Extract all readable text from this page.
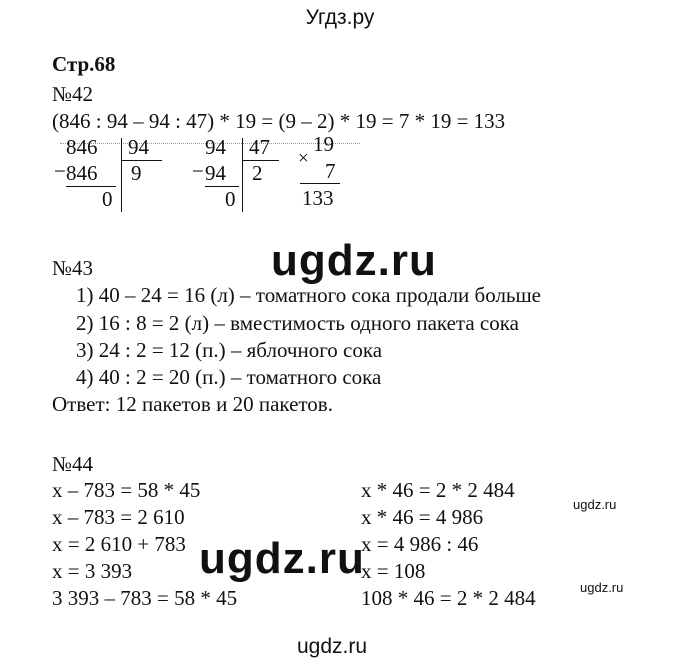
Угдз.ру
Стр.68
№42
(846 : 94 – 94 : 47) * 19 = (9 – 2) * 19 = 7 * 19 = 133
846 94
− 846 9
0
94 47
− 94 2
0
19
×
7
133
ugdz.ru
№43
1) 40 – 24 = 16 (л) – томатного сока продали больше
2) 16 : 8 = 2 (л) – вместимость одного пакета сока
3) 24 : 2 = 12 (п.) – яблочного сока
4) 40 : 2 = 20 (п.) – томатного сока
Ответ: 12 пакетов и 20 пакетов.
№44
x – 783 = 58 * 45
x – 783 = 2 610
x = 2 610 + 783
x = 3 393
3 393 – 783 = 58 * 45
x * 46 = 2 * 2 484
x * 46 = 4 986
x = 4 986 : 46
x = 108
108 * 46 = 2 * 2 484
ugdz.ru
ugdz.ru
ugdz.ru
ugdz.ru
